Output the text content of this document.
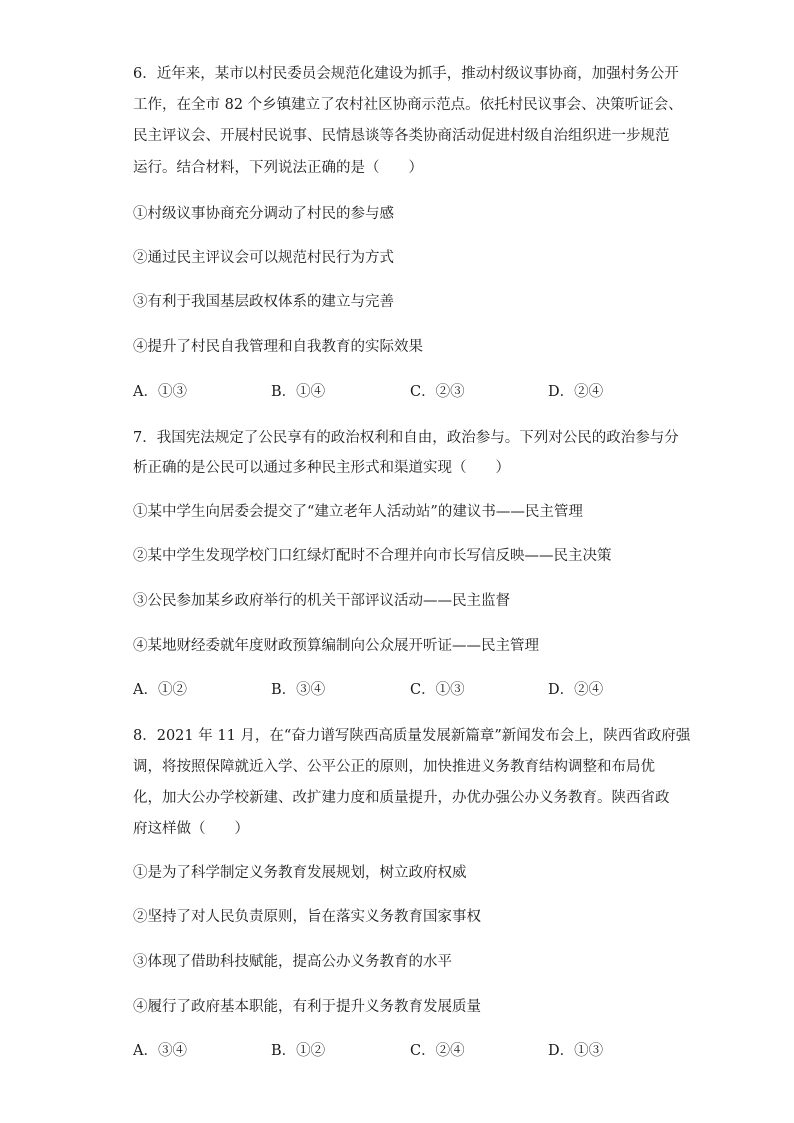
6．近年来，某市以村民委员会规范化建设为抓手，推动村级议事协商，加强村务公开
工作，在全市 82 个乡镇建立了农村社区协商示范点。依托村民议事会、决策听证会、
民主评议会、开展村民说事、民情恳谈等各类协商活动促进村级自治组织进一步规范
运行。结合材料，下列说法正确的是（　　）
①村级议事协商充分调动了村民的参与感
②通过民主评议会可以规范村民行为方式
③有利于我国基层政权体系的建立与完善
④提升了村民自我管理和自我教育的实际效果
A．①③	B．①④	C．②③	D．②④
7．我国宪法规定了公民享有的政治权利和自由，政治参与。下列对公民的政治参与分
析正确的是公民可以通过多种民主形式和渠道实现（　　）
①某中学生向居委会提交了“建立老年人活动站”的建议书——民主管理
②某中学生发现学校门口红绿灯配时不合理并向市长写信反映——民主决策
③公民参加某乡政府举行的机关干部评议活动——民主监督
④某地财经委就年度财政预算编制向公众展开听证——民主管理
A．①②	B．③④	C．①③	D．②④
8．2021 年 11 月，在“奋力谱写陕西高质量发展新篇章”新闻发布会上，陕西省政府强
调，将按照保障就近入学、公平公正的原则，加快推进义务教育结构调整和布局优
化，加大公办学校新建、改扩建力度和质量提升，办优办强公办义务教育。陕西省政
府这样做（　　）
①是为了科学制定义务教育发展规划，树立政府权威
②坚持了对人民负责原则，旨在落实义务教育国家事权
③体现了借助科技赋能，提高公办义务教育的水平
④履行了政府基本职能，有利于提升义务教育发展质量
A．③④	B．①②	C．②④	D．①③
